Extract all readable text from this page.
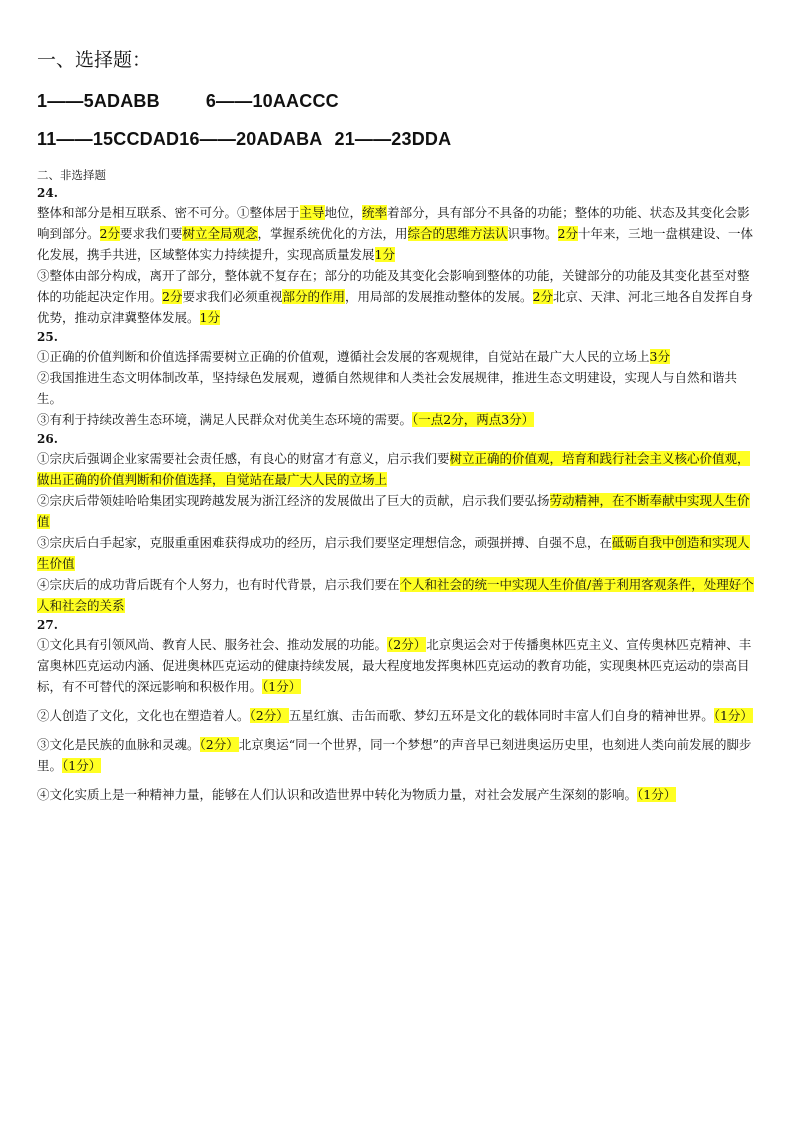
一、选择题：

1——5ADABB	6——10AACCC

11——15CCDAD16——20ADABA 21——23DDA

二、非选择题
24.

整体和部分是相互联系、密不可分。①整体居于主导地位，统率着部分，具有部分不具备的功能；整体的功能、状态及其变化会影响到部分。2分要求我们要树立全局观念，掌握系统优化的方法，用综合的思维方法认识事物。2分十年来，三地一盘棋建设、一体化发展，携手共进，区域整体实力持续提升，实现高质量发展1分

③整体由部分构成，离开了部分，整体就不复存在；部分的功能及其变化会影响到整体的功能，关键部分的功能及其变化甚至对整体的功能起决定作用。2分要求我们必须重视部分的作用，用局部的发展推动整体的发展。2分北京、天津、河北三地各自发挥自身优势，推动京津冀整体发展。1分

25.

①正确的价值判断和价值选择需要树立正确的价值观，遵循社会发展的客观规律，自觉站在最广大人民的立场上3分

②我国推进生态文明体制改革，坚持绿色发展观，遵循自然规律和人类社会发展规律，推进生态文明建设，实现人与自然和谐共生。

③有利于持续改善生态环境，满足人民群众对优美生态环境的需要。（一点2分，两点3分）

26.

①宗庆后强调企业家需要社会责任感，有良心的财富才有意义，启示我们要树立正确的价值观，培育和践行社会主义核心价值观，做出正确的价值判断和价值选择，自觉站在最广大人民的立场上

②宗庆后带领娃哈哈集团实现跨越发展为浙江经济的发展做出了巨大的贡献，启示我们要弘扬劳动精神，在不断奉献中实现人生价值

③宗庆后白手起家，克服重重困难获得成功的经历，启示我们要坚定理想信念，顽强拼搏、自强不息，在砥砺自我中创造和实现人生价值

④宗庆后的成功背后既有个人努力，也有时代背景，启示我们要在个人和社会的统一中实现人生价值/善于利用客观条件，处理好个人和社会的关系

27.

①文化具有引领风尚、教育人民、服务社会、推动发展的功能。（2分）北京奥运会对于传播奥林匹克主义、宣传奥林匹克精神、丰富奥林匹克运动内涵、促进奥林匹克运动的健康持续发展，最大程度地发挥奥林匹克运动的教育功能，实现奥林匹克运动的崇高目标，有不可替代的深远影响和积极作用。（1分）

②人创造了文化，文化也在塑造着人。（2分）五星红旗、击缶而歌、梦幻五环是文化的载体同时丰富人们自身的精神世界。（1分）

③文化是民族的血脉和灵魂。（2分）北京奥运“同一个世界，同一个梦想”的声音早已刻进奥运历史里，也刻进人类向前发展的脚步里。（1分）

④文化实质上是一种精神力量，能够在人们认识和改造世界中转化为物质力量，对社会发展产生深刻的影响。（1分）
